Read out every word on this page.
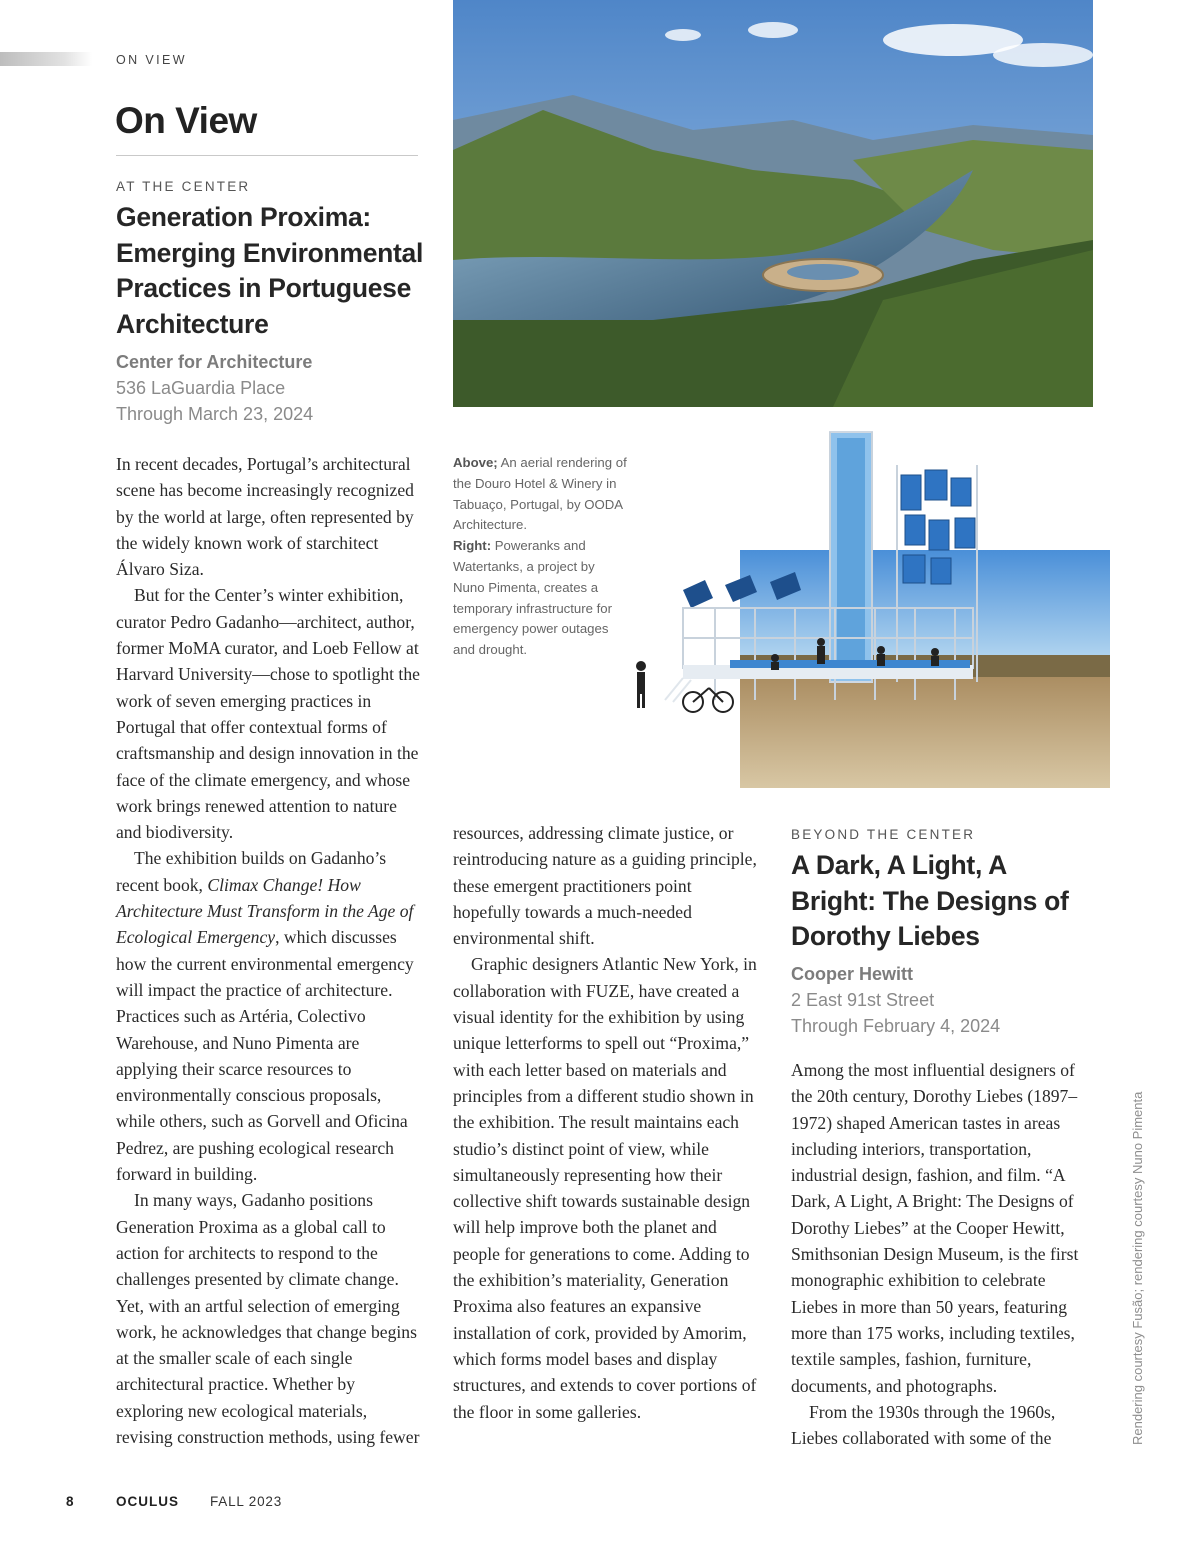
ON VIEW
On View
AT THE CENTER
Generation Proxima: Emerging Environmental Practices in Portuguese Architecture
Center for Architecture
536 LaGuardia Place
Through March 23, 2024

In recent decades, Portugal’s architectural scene has become increasingly recognized by the world at large, often represented by the widely known work of starchitect Álvaro Siza.

But for the Center’s winter exhibition, curator Pedro Gadanho—architect, author, former MoMA curator, and Loeb Fellow at Harvard University—chose to spotlight the work of seven emerging practices in Portugal that offer contextual forms of craftsmanship and design innovation in the face of the climate emergency, and whose work brings renewed attention to nature and biodiversity.

The exhibition builds on Gadanho’s recent book, Climax Change! How Architecture Must Transform in the Age of Ecological Emergency, which discusses how the current environmental emergency will impact the practice of architecture. Practices such as Artéria, Colectivo Warehouse, and Nuno Pimenta are applying their scarce resources to environmentally conscious proposals, while others, such as Gorvell and Oficina Pedrez, are pushing ecological research forward in building.

In many ways, Gadanho positions Generation Proxima as a global call to action for architects to respond to the challenges presented by climate change. Yet, with an artful selection of emerging work, he acknowledges that change begins at the smaller scale of each single architectural practice. Whether by exploring new ecological materials, revising construction methods, using fewer

resources, addressing climate justice, or reintroducing nature as a guiding principle, these emergent practitioners point hopefully towards a much-needed environmental shift.

Graphic designers Atlantic New York, in collaboration with FUZE, have created a visual identity for the exhibition by using unique letterforms to spell out “Proxima,” with each letter based on materials and principles from a different studio shown in the exhibition. The result maintains each studio’s distinct point of view, while simultaneously representing how their collective shift towards sustainable design will help improve both the planet and people for generations to come. Adding to the exhibition’s materiality, Generation Proxima also features an expansive installation of cork, provided by Amorim, which forms model bases and display structures, and extends to cover portions of the floor in some galleries.

Above; An aerial rendering of the Douro Hotel & Winery in Tabuaço, Portugal, by OODA Architecture.
Right: Poweranks and Watertanks, a project by Nuno Pimenta, creates a temporary infrastructure for emergency power outages and drought.
BEYOND THE CENTER
A Dark, A Light, A Bright: The Designs of Dorothy Liebes
Cooper Hewitt
2 East 91st Street
Through February 4, 2024

Among the most influential designers of the 20th century, Dorothy Liebes (1897–1972) shaped American tastes in areas including interiors, transportation, industrial design, fashion, and film. “A Dark, A Light, A Bright: The Designs of Dorothy Liebes” at the Cooper Hewitt, Smithsonian Design Museum, is the first monographic exhibition to celebrate Liebes in more than 50 years, featuring more than 175 works, including textiles, textile samples, fashion, furniture, documents, and photographs.

From the 1930s through the 1960s, Liebes collaborated with some of the	Rendering courtesy Fusão; rendering courtesy Nuno Pimenta
8	OCULUS FALL 2023
